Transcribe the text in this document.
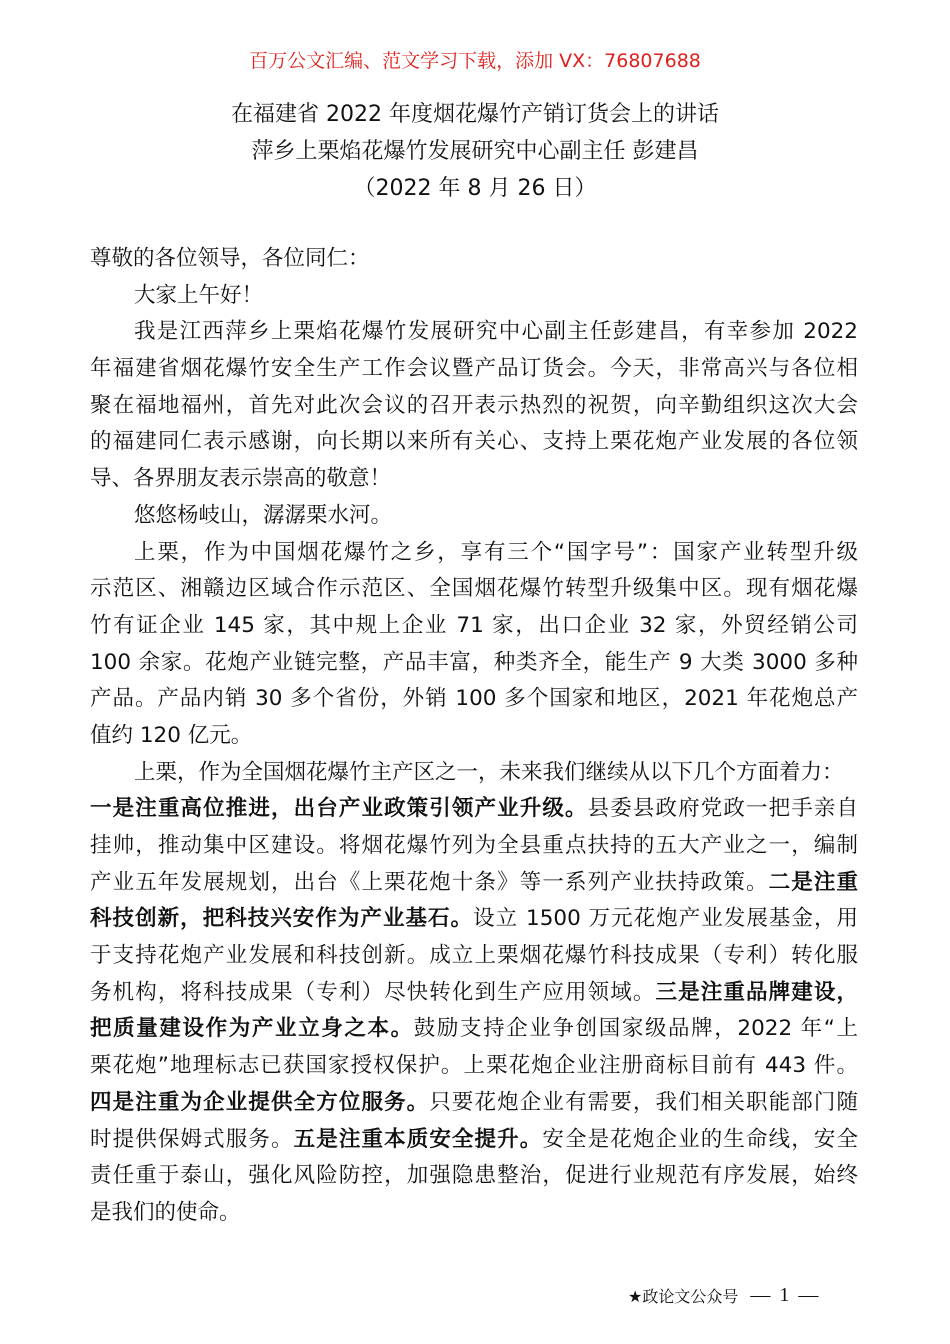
百万公文汇编、范文学习下载，添加 VX：76807688
在福建省 2022 年度烟花爆竹产销订货会上的讲话
萍乡上栗焰花爆竹发展研究中心副主任 彭建昌
（2022 年 8 月 26 日）
尊敬的各位领导，各位同仁：
大家上午好！
我是江西萍乡上栗焰花爆竹发展研究中心副主任彭建昌，有幸参加 2022
年福建省烟花爆竹安全生产工作会议暨产品订货会。今天，非常高兴与各位相
聚在福地福州，首先对此次会议的召开表示热烈的祝贺，向辛勤组织这次大会
的福建同仁表示感谢，向长期以来所有关心、支持上栗花炮产业发展的各位领
导、各界朋友表示崇高的敬意！
悠悠杨岐山，潺潺栗水河。
上栗，作为中国烟花爆竹之乡，享有三个“国字号”：国家产业转型升级
示范区、湘赣边区域合作示范区、全国烟花爆竹转型升级集中区。现有烟花爆
竹有证企业 145 家，其中规上企业 71 家，出口企业 32 家，外贸经销公司
100 余家。花炮产业链完整，产品丰富，种类齐全，能生产 9 大类 3000 多种
产品。产品内销 30 多个省份，外销 100 多个国家和地区，2021 年花炮总产
值约 120 亿元。
上栗，作为全国烟花爆竹主产区之一，未来我们继续从以下几个方面着力：
一是注重高位推进，出台产业政策引领产业升级。县委县政府党政一把手亲自
挂帅，推动集中区建设。将烟花爆竹列为全县重点扶持的五大产业之一，编制
产业五年发展规划，出台《上栗花炮十条》等一系列产业扶持政策。二是注重
科技创新，把科技兴安作为产业基石。设立 1500 万元花炮产业发展基金，用
于支持花炮产业发展和科技创新。成立上栗烟花爆竹科技成果（专利）转化服
务机构，将科技成果（专利）尽快转化到生产应用领域。三是注重品牌建设，
把质量建设作为产业立身之本。鼓励支持企业争创国家级品牌，2022 年“上
栗花炮”地理标志已获国家授权保护。上栗花炮企业注册商标目前有 443 件。
四是注重为企业提供全方位服务。只要花炮企业有需要，我们相关职能部门随
时提供保姆式服务。五是注重本质安全提升。安全是花炮企业的生命线，安全
责任重于泰山，强化风险防控，加强隐患整治，促进行业规范有序发展，始终
是我们的使命。
★政论文公众号 — 1 —
